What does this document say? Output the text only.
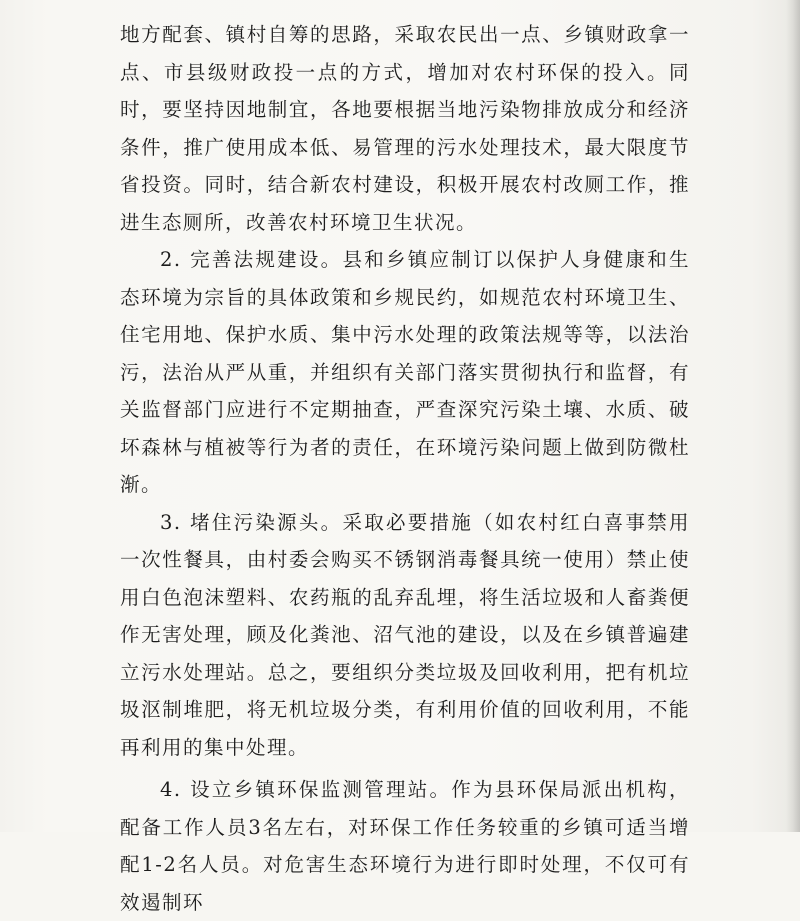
地方配套、镇村自筹的思路，采取农民出一点、乡镇财政拿一点、市县级财政投一点的方式，增加对农村环保的投入。同时，要坚持因地制宜，各地要根据当地污染物排放成分和经济条件，推广使用成本低、易管理的污水处理技术，最大限度节省投资。同时，结合新农村建设，积极开展农村改厕工作，推进生态厕所，改善农村环境卫生状况。

2. 完善法规建设。县和乡镇应制订以保护人身健康和生态环境为宗旨的具体政策和乡规民约，如规范农村环境卫生、住宅用地、保护水质、集中污水处理的政策法规等等，以法治污，法治从严从重，并组织有关部门落实贯彻执行和监督，有关监督部门应进行不定期抽查，严查深究污染土壤、水质、破坏森林与植被等行为者的责任，在环境污染问题上做到防微杜渐。

3. 堵住污染源头。采取必要措施（如农村红白喜事禁用一次性餐具，由村委会购买不锈钢消毒餐具统一使用）禁止使用白色泡沫塑料、农药瓶的乱弃乱埋，将生活垃圾和人畜粪便作无害处理，顾及化粪池、沼气池的建设，以及在乡镇普遍建立污水处理站。总之，要组织分类垃圾及回收利用，把有机垃圾沤制堆肥，将无机垃圾分类，有利用价值的回收利用，不能再利用的集中处理。

4. 设立乡镇环保监测管理站。作为县环保局派出机构，配备工作人员3名左右，对环保工作任务较重的乡镇可适当增配1-2名人员。对危害生态环境行为进行即时处理，不仅可有效遏制环
